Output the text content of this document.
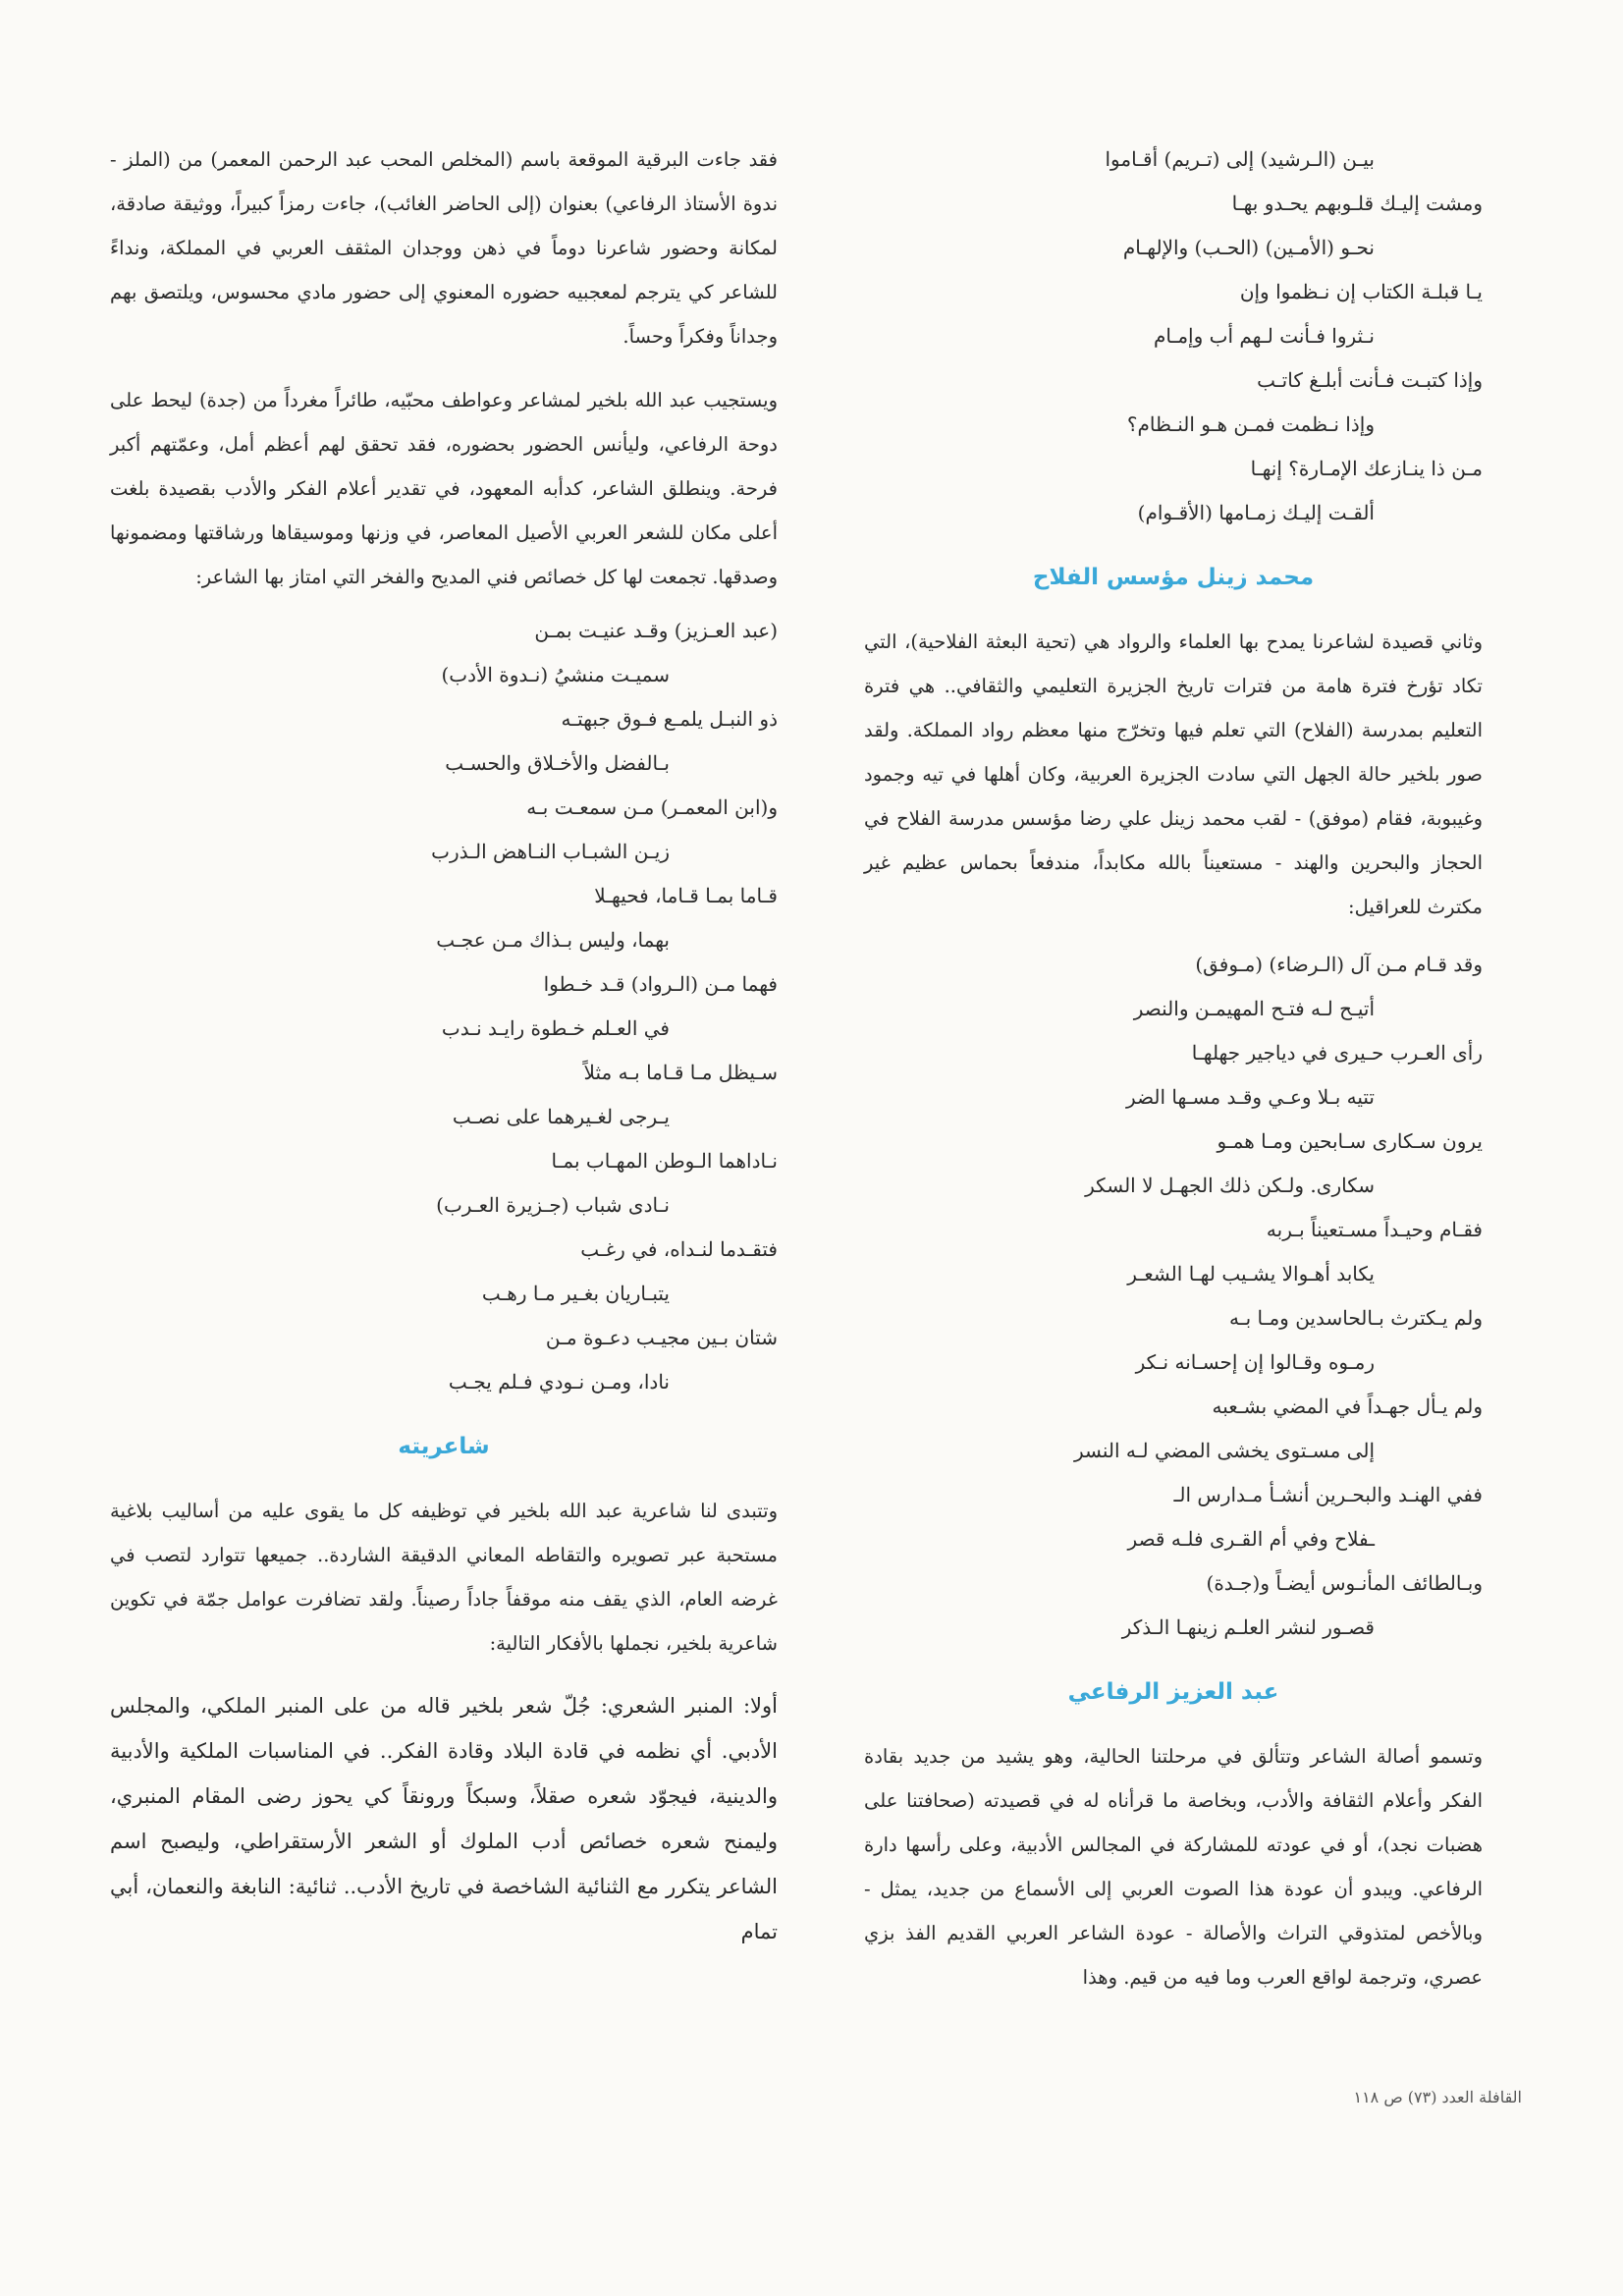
بيـن (الـرشيد) إلى (تـريم) أقـاموا
ومشت إليـك قلـوبهم يحـدو بهـا
نحـو (الأمـين) (الحـب) والإلهـام
يـا قبلـة الكتاب إن نـظموا وإن
نـثروا فـأنت لـهم أب وإمـام
وإذا كتبـت فـأنت أبلـغ كاتـب
وإذا نـظمت فمـن هـو النـظام؟
مـن ذا ينـازعك الإمـارة؟ إنهـا
ألقـت إليـك زمـامها (الأقـوام)
محمد زينل مؤسس الفلاح

وثاني قصيدة لشاعرنا يمدح بها العلماء والرواد هي (تحية البعثة الفلاحية)، التي تكاد تؤرخ فترة هامة من فترات تاريخ الجزيرة التعليمي والثقافي.. هي فترة التعليم بمدرسة (الفلاح) التي تعلم فيها وتخرّج منها معظم رواد المملكة. ولقد صور بلخير حالة الجهل التي سادت الجزيرة العربية، وكان أهلها في تيه وجمود وغيبوبة، فقام (موفق) - لقب محمد زينل علي رضا مؤسس مدرسة الفلاح في الحجاز والبحرين والهند - مستعيناً بالله مكابداً، مندفعاً بحماس عظيم غير مكترث للعراقيل:

وقد قـام مـن آل (الـرضاء) (مـوفق)
أتيـح لـه فتـح المهيمـن والنصر
رأى العـرب حـيرى في دياجير جهلهـا
تتيه بـلا وعـي وقـد مسـها الضر
يرون سـكارى سـابحين ومـا همـو
سكارى. ولـكن ذلك الجهـل لا السكر
فقـام وحيـداً مسـتعيناً بـربه
يكابد أهـوالا يشـيب لهـا الشعـر
ولم يـكترث بـالحاسدين ومـا بـه
رمـوه وقـالوا إن إحسـانه نـكر
ولم يـأل جهـداً في المضي بشـعبه
إلى مسـتوى يخشى المضي لـه النسر
ففي الهنـد والبحـرين أنشـأ مـدارس الـ
ـفلاح وفي أم القـرى فلـه قصر
وبـالطائف المأنـوس أيضـاً و(جـدة)
قصـور لنشر العلـم زينهـا الـذكر
عبد العزيز الرفاعي

وتسمو أصالة الشاعر وتتألق في مرحلتنا الحالية، وهو يشيد من جديد بقادة الفكر وأعلام الثقافة والأدب، وبخاصة ما قرأناه له في قصيدته (صحافتنا على هضبات نجد)، أو في عودته للمشاركة في المجالس الأدبية، وعلى رأسها دارة الرفاعي. ويبدو أن عودة هذا الصوت العربي إلى الأسماع من جديد، يمثل - وبالأخص لمتذوقي التراث والأصالة - عودة الشاعر العربي القديم الفذ بزي عصري، وترجمة لواقع العرب وما فيه من قيم. وهذا

فقد جاءت البرقية الموقعة باسم (المخلص المحب عبد الرحمن المعمر) من (الملز - ندوة الأستاذ الرفاعي) بعنوان (إلى الحاضر الغائب)، جاءت رمزاً كبيراً، ووثيقة صادقة، لمكانة وحضور شاعرنا دوماً في ذهن ووجدان المثقف العربي في المملكة، ونداءً للشاعر كي يترجم لمعجبيه حضوره المعنوي إلى حضور مادي محسوس، ويلتصق بهم وجداناً وفكراً وحساً.

ويستجيب عبد الله بلخير لمشاعر وعواطف محبّيه، طائراً مغرداً من (جدة) ليحط على دوحة الرفاعي، وليأنس الحضور بحضوره، فقد تحقق لهم أعظم أمل، وعمّتهم أكبر فرحة. وينطلق الشاعر، كدأبه المعهود، في تقدير أعلام الفكر والأدب بقصيدة بلغت أعلى مكان للشعر العربي الأصيل المعاصر، في وزنها وموسيقاها ورشاقتها ومضمونها وصدقها. تجمعت لها كل خصائص فني المديح والفخر التي امتاز بها الشاعر:

(عبد العـزيز) وقـد عنيـت بمـن
سميـت منشيُ (نـدوة الأدب)
ذو النبـل يلمـع فـوق جبهتـه
بـالفضل والأخـلاق والحسـب
و(ابن المعمـر) مـن سمعـت بـه
زيـن الشبـاب النـاهض الـذرب
قـاما بمـا قـاما، فحيهـلا
بهما، وليس بـذاك مـن عجـب
فهما مـن (الـرواد) قـد خـطوا
في العـلم خـطوة رايـد نـدب
سـيظل مـا قـاما بـه مثلاً
يـرجى لغـيرهما على نصـب
نـاداهما الـوطن المهـاب بمـا
نـادى شباب (جـزيرة العـرب)
فتقـدما لنـداه، في رغـب
يتبـاريان بغـير مـا رهـب
شتان بـين مجيـب دعـوة مـن
نادا، ومـن نـودي فـلم يجـب
شاعريته

وتتبدى لنا شاعرية عبد الله بلخير في توظيفه كل ما يقوى عليه من أساليب بلاغية مستحبة عبر تصويره والتقاطه المعاني الدقيقة الشاردة.. جميعها تتوارد لتصب في غرضه العام، الذي يقف منه موقفاً جاداً رصيناً. ولقد تضافرت عوامل جمّة في تكوين شاعرية بلخير، نجملها بالأفكار التالية:

أولا: المنبر الشعري: جُلّ شعر بلخير قاله من على المنبر الملكي، والمجلس الأدبي. أي نظمه في قادة البلاد وقادة الفكر.. في المناسبات الملكية والأدبية والدينية، فيجوّد شعره صقلاً، وسبكاً ورونقاً كي يحوز رضى المقام المنبري، وليمنح شعره خصائص أدب الملوك أو الشعر الأرستقراطي، وليصبح اسم الشاعر يتكرر مع الثنائية الشاخصة في تاريخ الأدب.. ثنائية: النابغة والنعمان، أبي تمام

القافلة العدد (٧٣) ص ١١٨
